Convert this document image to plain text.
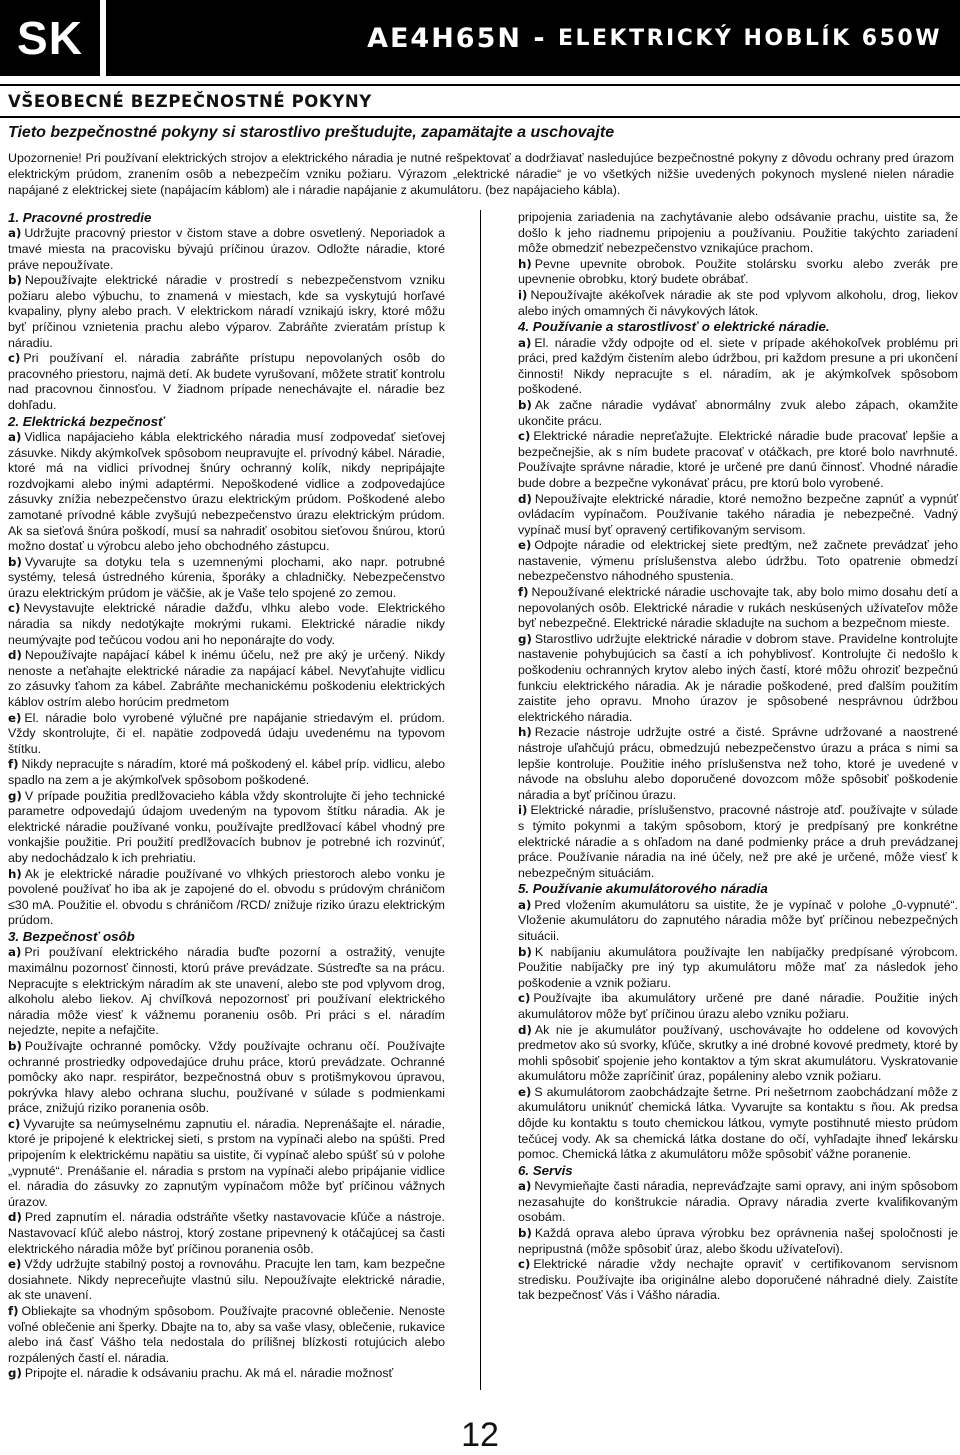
SK	AE4H65N - ELEKTRICKÝ HOBLÍK 650W
VŠEOBECNÉ BEZPEČNOSTNÉ POKYNY
Tieto bezpečnostné pokyny si starostlivo preštudujte, zapamätajte a uschovajte
Upozornenie! Pri používaní elektrických strojov a elektrického náradia je nutné rešpektovať a dodržiavať nasledujúce bezpečnostné pokyny z dôvodu ochrany pred úrazom elektrickým prúdom, zranením osôb a nebezpečím vzniku požiaru. Výrazom „elektrické náradie“ je vo všetkých nižšie uvedených pokynoch myslené nielen náradie napájané z elektrickej siete (napájacím káblom) ale i náradie napájanie z akumulátoru. (bez napájacieho kábla).
1. Pracovné prostredie

a) Udržujte pracovný priestor v čistom stave a dobre osvetlený. Neporiadok a tmavé miesta na pracovisku bývajú príčinou úrazov. Odložte náradie, ktoré práve nepoužívate.

b) Nepoužívajte elektrické náradie v prostredí s nebezpečenstvom vzniku požiaru alebo výbuchu, to znamená v miestach, kde sa vyskytujú horľavé kvapaliny, plyny alebo prach. V elektrickom náradí vznikajú iskry, ktoré môžu byť príčinou vznietenia prachu alebo výparov. Zabráňte zvieratám prístup k náradiu.

c) Pri používaní el. náradia zabráňte prístupu nepovolaných osôb do pracovného priestoru, najmä detí. Ak budete vyrušovaní, môžete stratiť kontrolu nad pracovnou činnosťou. V žiadnom prípade nenechávajte el. náradie bez dohľadu.

2. Elektrická bezpečnosť

a) Vidlica napájacieho kábla elektrického náradia musí zodpovedať sieťovej zásuvke. Nikdy akýmkoľvek spôsobom neupravujte el. prívodný kábel. Náradie, ktoré má na vidlici prívodnej šnúry ochranný kolík, nikdy nepripájajte rozdvojkami alebo inými adaptérmi. Nepoškodené vidlice a zodpovedajúce zásuvky znížia nebezpečenstvo úrazu elektrickým prúdom. Poškodené alebo zamotané prívodné káble zvyšujú nebezpečenstvo úrazu elektrickým prúdom. Ak sa sieťová šnúra poškodí, musí sa nahradiť osobitou sieťovou šnúrou, ktorú možno dostať u výrobcu alebo jeho obchodného zástupcu.

b) Vyvarujte sa dotyku tela s uzemnenými plochami, ako napr. potrubné systémy, telesá ústredného kúrenia, šporáky a chladničky. Nebezpečenstvo úrazu elektrickým prúdom je väčšie, ak je Vaše telo spojené zo zemou.

c) Nevystavujte elektrické náradie dažďu, vlhku alebo vode. Elektrického náradia sa nikdy nedotýkajte mokrými rukami. Elektrické náradie nikdy neumývajte pod tečúcou vodou ani ho neponárajte do vody.

d) Nepoužívajte napájací kábel k inému účelu, než pre aký je určený. Nikdy nenoste a neťahajte elektrické náradie za napájací kábel. Nevyťahujte vidlicu zo zásuvky ťahom za kábel. Zabráňte mechanickému poškodeniu elektrických káblov ostrím alebo horúcim predmetom

e) El. náradie bolo vyrobené výlučné pre napájanie striedavým el. prúdom. Vždy skontrolujte, či el. napätie zodpovedá údaju uvedenému na typovom štítku.

f) Nikdy nepracujte s náradím, ktoré má poškodený el. kábel príp. vidlicu, alebo spadlo na zem a je akýmkoľvek spôsobom poškodené.

g) V prípade použitia predlžovacieho kábla vždy skontrolujte či jeho technické parametre odpovedajú údajom uvedeným na typovom štítku náradia. Ak je elektrické náradie používané vonku, používajte predlžovací kábel vhodný pre vonkajšie použitie. Pri použití predlžovacích bubnov je potrebné ich rozvinúť, aby nedochádzalo k ich prehriatiu.

h) Ak je elektrické náradie používané vo vlhkých priestoroch alebo vonku je povolené používať ho iba ak je zapojené do el. obvodu s prúdovým chráničom ≤30 mA. Použitie el. obvodu s chráničom /RCD/ znižuje riziko úrazu elektrickým prúdom.

3. Bezpečnosť osôb

a) Pri používaní elektrického náradia buďte pozorní a ostražitý, venujte maximálnu pozornosť činnosti, ktorú práve prevádzate. Sústreďte sa na prácu. Nepracujte s elektrickým náradím ak ste unavení, alebo ste pod vplyvom drog, alkoholu alebo liekov. Aj chvíľková nepozornosť pri používaní elektrického náradia môže viesť k vážnemu poraneniu osôb. Pri práci s el. náradím nejedzte, nepite a nefajčite.

b) Používajte ochranné pomôcky. Vždy používajte ochranu očí. Používajte ochranné prostriedky odpovedajúce druhu práce, ktorú prevádzate. Ochranné pomôcky ako napr. respirátor, bezpečnostná obuv s protišmykovou úpravou, pokrývka hlavy alebo ochrana sluchu, používané v súlade s podmienkami práce, znižujú riziko poranenia osôb.

c) Vyvarujte sa neúmyselnému zapnutiu el. náradia. Neprenášajte el. náradie, ktoré je pripojené k elektrickej sieti, s prstom na vypínači alebo na spúšti. Pred pripojením k elektrickému napätiu sa uistite, či vypínač alebo spúšť sú v polohe „vypnuté“. Prenášanie el. náradia s prstom na vypínači alebo pripájanie vidlice el. náradia do zásuvky zo zapnutým vypínačom môže byť príčinou vážnych úrazov.

d) Pred zapnutím el. náradia odstráňte všetky nastavovacie kľúče a nástroje. Nastavovací kľúč alebo nástroj, ktorý zostane pripevnený k otáčajúcej sa časti elektrického náradia môže byť príčinou poranenia osôb.

e) Vždy udržujte stabilný postoj a rovnováhu. Pracujte len tam, kam bezpečne dosiahnete. Nikdy nepreceňujte vlastnú silu. Nepoužívajte elektrické náradie, ak ste unavení.

f) Obliekajte sa vhodným spôsobom. Používajte pracovné oblečenie. Nenoste voľné oblečenie ani šperky. Dbajte na to, aby sa vaše vlasy, oblečenie, rukavice alebo iná časť Vášho tela nedostala do prílišnej blízkosti rotujúcich alebo rozpálených častí el. náradia.

g) Pripojte el. náradie k odsávaniu prachu. Ak má el. náradie možnosť

pripojenia zariadenia na zachytávanie alebo odsávanie prachu, uistite sa, že došlo k jeho riadnemu pripojeniu a používaniu. Použitie takýchto zariadení môže obmedziť nebezpečenstvo vznikajúce prachom.

h) Pevne upevnite obrobok. Použite stolársku svorku alebo zverák pre upevnenie obrobku, ktorý budete obrábať.

i) Nepoužívajte akékoľvek náradie ak ste pod vplyvom alkoholu, drog, liekov alebo iných omamných či návykových látok.

4. Používanie a starostlivosť o elektrické náradie.

a) El. náradie vždy odpojte od el. siete v prípade akéhokoľvek problému pri práci, pred každým čistením alebo údržbou, pri každom presune a pri ukončení činnosti! Nikdy nepracujte s el. náradím, ak je akýmkoľvek spôsobom poškodené.

b) Ak začne náradie vydávať abnormálny zvuk alebo zápach, okamžite ukončite prácu.

c) Elektrické náradie nepreťažujte. Elektrické náradie bude pracovať lepšie a bezpečnejšie, ak s ním budete pracovať v otáčkach, pre ktoré bolo navrhnuté. Používajte správne náradie, ktoré je určené pre danú činnosť. Vhodné náradie bude dobre a bezpečne vykonávať prácu, pre ktorú bolo vyrobené.

d) Nepoužívajte elektrické náradie, ktoré nemožno bezpečne zapnúť a vypnúť ovládacím vypínačom. Používanie takého náradia je nebezpečné. Vadný vypínač musí byť opravený certifikovaným servisom.

e) Odpojte náradie od elektrickej siete predtým, než začnete prevádzať jeho nastavenie, výmenu príslušenstva alebo údržbu. Toto opatrenie obmedzí nebezpečenstvo náhodného spustenia.

f) Nepoužívané elektrické náradie uschovajte tak, aby bolo mimo dosahu detí a nepovolaných osôb. Elektrické náradie v rukách neskúsených užívateľov môže byť nebezpečné. Elektrické náradie skladujte na suchom a bezpečnom mieste.

g) Starostlivo udržujte elektrické náradie v dobrom stave. Pravidelne kontrolujte nastavenie pohybujúcich sa častí a ich pohyblivosť. Kontrolujte či nedošlo k poškodeniu ochranných krytov alebo iných častí, ktoré môžu ohroziť bezpečnú funkciu elektrického náradia. Ak je náradie poškodené, pred ďalším použitím zaistite jeho opravu. Mnoho úrazov je spôsobené nesprávnou údržbou elektrického náradia.

h) Rezacie nástroje udržujte ostré a čisté. Správne udržované a naostrené nástroje uľahčujú prácu, obmedzujú nebezpečenstvo úrazu a práca s nimi sa lepšie kontroluje. Použitie iného príslušenstva než toho, ktoré je uvedené v návode na obsluhu alebo doporučené dovozcom môže spôsobiť poškodenie náradia a byť príčinou úrazu.

i) Elektrické náradie, príslušenstvo, pracovné nástroje atď. používajte v súlade s týmito pokynmi a takým spôsobom, ktorý je predpísaný pre konkrétne elektrické náradie a s ohľadom na dané podmienky práce a druh prevádzanej práce. Používanie náradia na iné účely, než pre aké je určené, môže viesť k nebezpečným situáciám.

5. Používanie akumulátorového náradia

a) Pred vložením akumulátoru sa uistite, že je vypínač v polohe „0-vypnuté“. Vloženie akumulátoru do zapnutého náradia môže byť príčinou nebezpečných situácii.

b) K nabíjaniu akumulátora používajte len nabíjačky predpísané výrobcom. Použitie nabíjačky pre iný typ akumulátoru môže mať za následok jeho poškodenie a vznik požiaru.

c) Používajte iba akumulátory určené pre dané náradie. Použitie iných akumulátorov môže byť príčinou úrazu alebo vzniku požiaru.

d) Ak nie je akumulátor používaný, uschovávajte ho oddelene od kovových predmetov ako sú svorky, kľúče, skrutky a iné drobné kovové predmety, ktoré by mohli spôsobiť spojenie jeho kontaktov a tým skrat akumulátoru. Vyskratovanie akumulátoru môže zapríčiniť úraz, popáleniny alebo vznik požiaru.

e) S akumulátorom zaobchádzajte šetrne. Pri nešetrnom zaobchádzaní môže z akumulátoru uniknúť chemická látka. Vyvarujte sa kontaktu s ňou. Ak predsa dôjde ku kontaktu s touto chemickou látkou, vymyte postihnuté miesto prúdom tečúcej vody. Ak sa chemická látka dostane do očí, vyhľadajte ihneď lekársku pomoc. Chemická látka z akumulátoru môže spôsobiť vážne poranenie.

6. Servis

a) Nevymieňajte časti náradia, nepreváďzajte sami opravy, ani iným spôsobom nezasahujte do konštrukcie náradia. Opravy náradia zverte kvalifikovaným osobám.

b) Každá oprava alebo úprava výrobku bez oprávnenia našej spoločnosti je nepripustná (môže spôsobiť úraz, alebo škodu užívateľovi).

c) Elektrické náradie vždy nechajte opraviť v certifikovanom servisnom stredisku. Používajte iba originálne alebo doporučené náhradné diely. Zaistíte tak bezpečnosť Vás i Vášho náradia.

12
